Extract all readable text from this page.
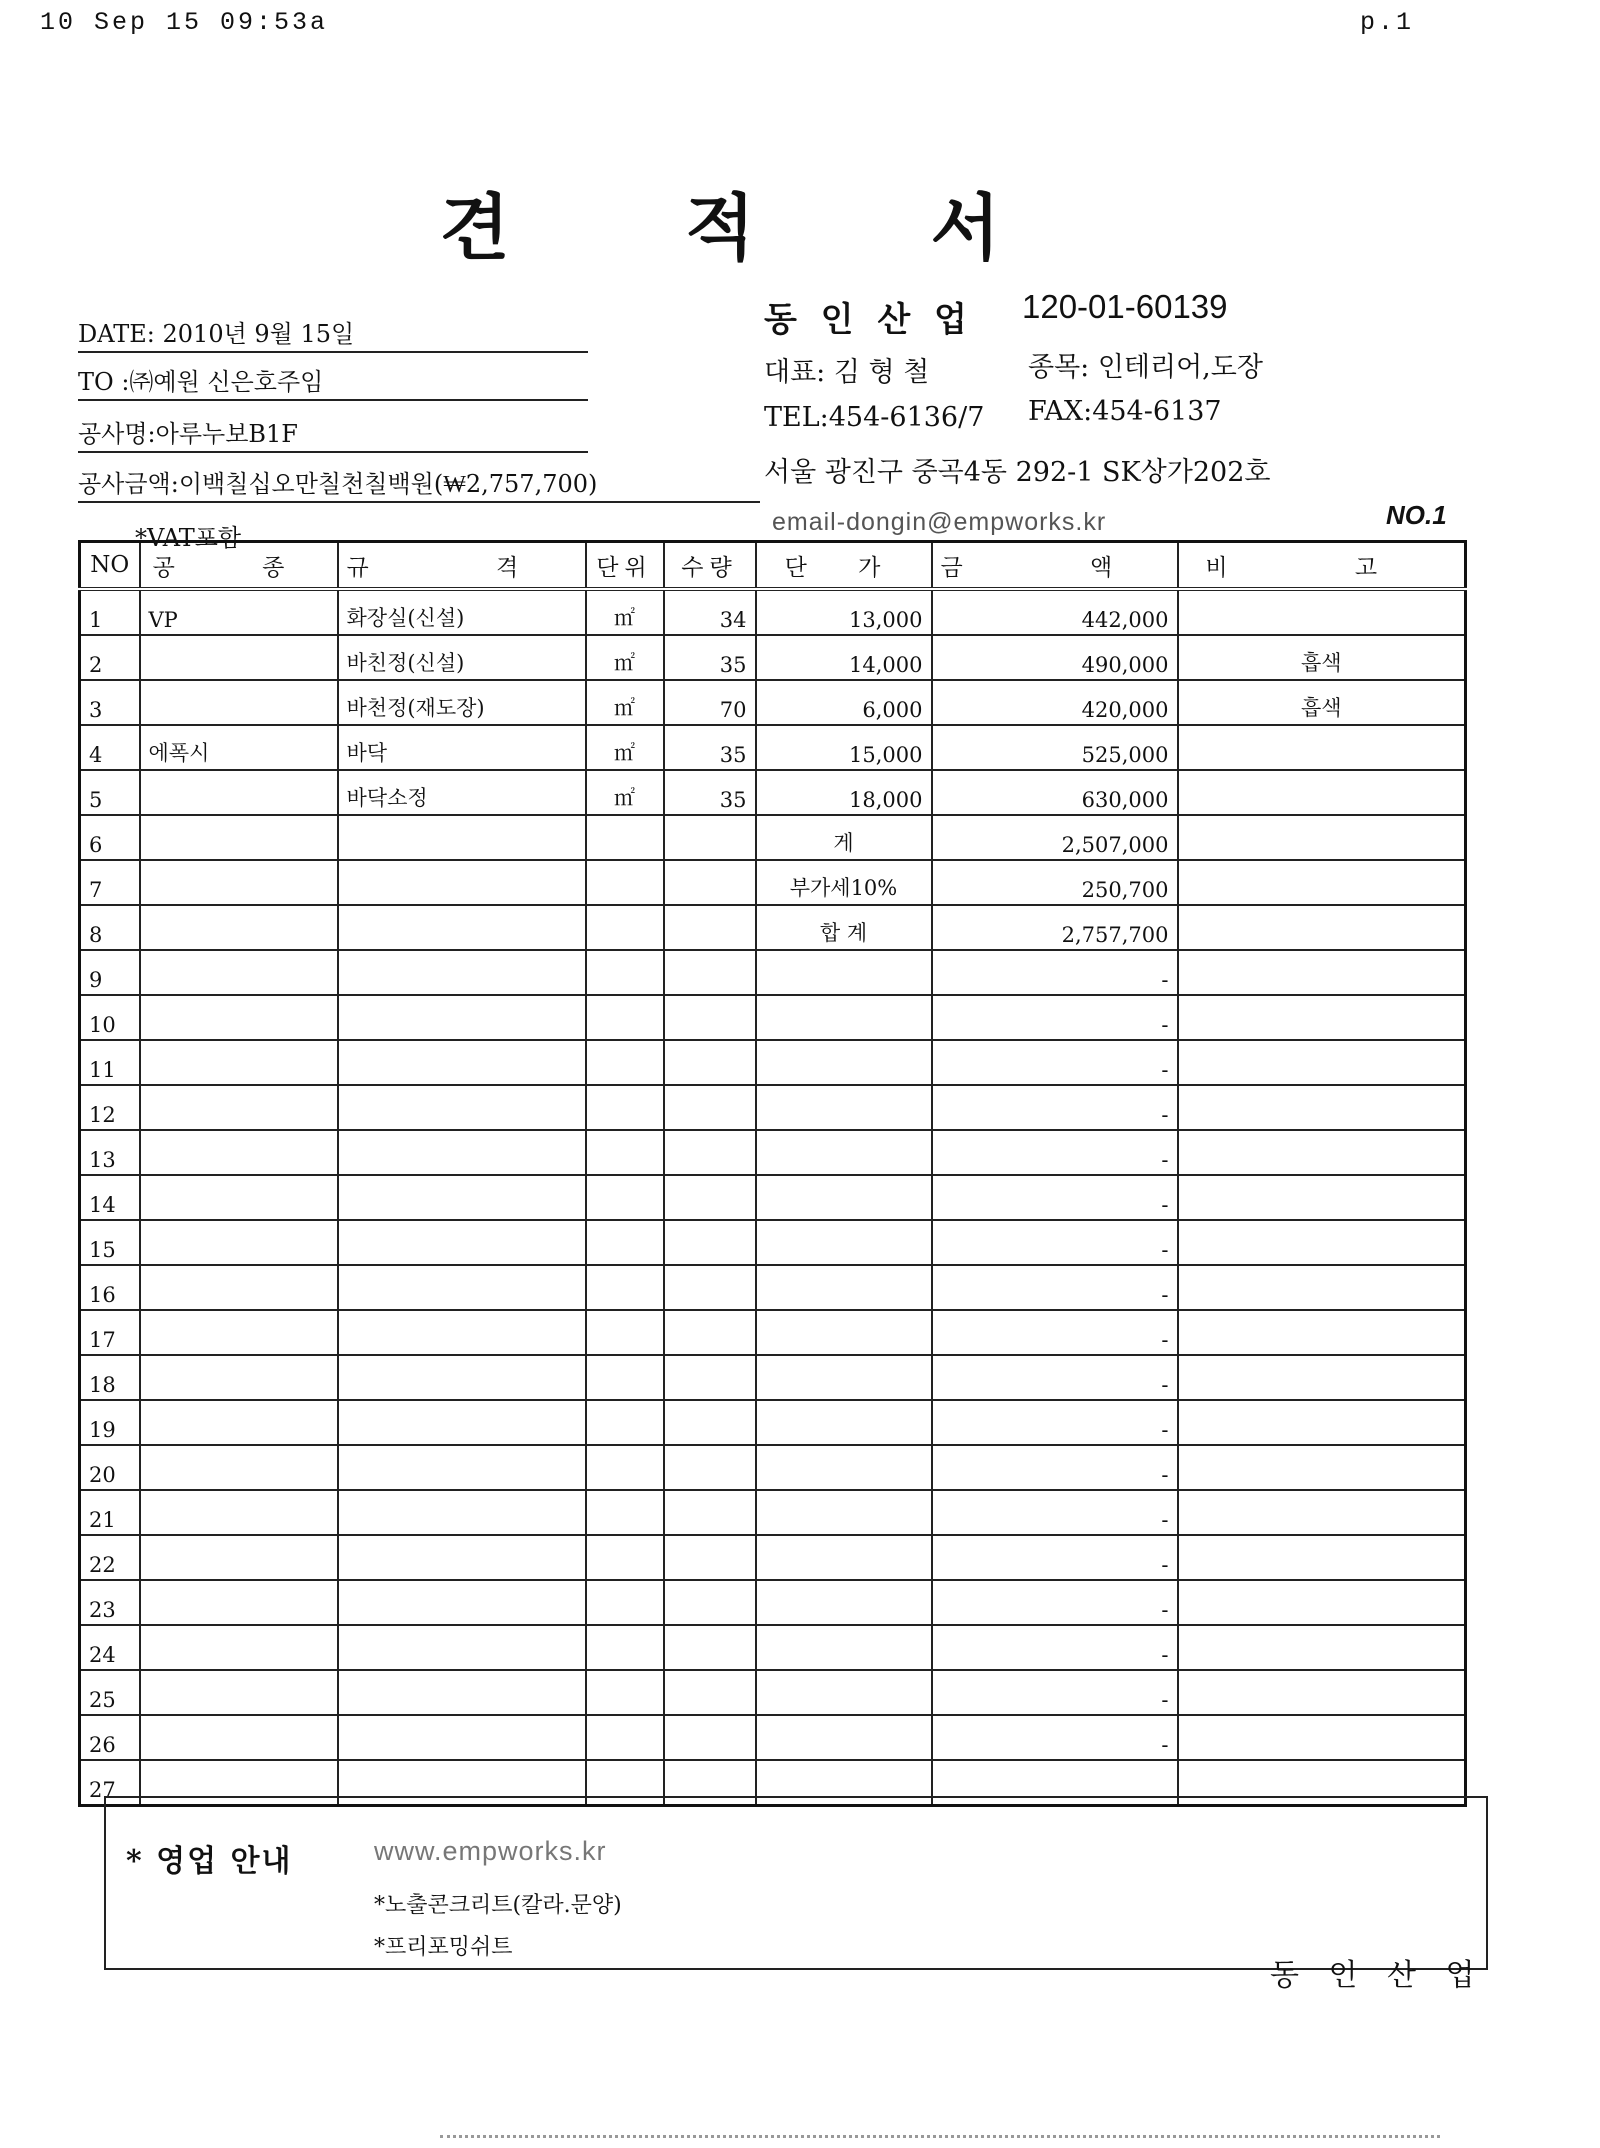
10 Sep 15 09:53a	p.1
견 적 서
DATE: 2010년 9월 15일
TO :㈜예원 신은호주임
공사명:아루누보B1F
공사금액:이백칠십오만칠천칠백원(₩2,757,700)
*VAT포함
동 인 산 업 120-01-60139
대표: 김 형 철	종목: 인테리어,도장
TEL:454-6136/7 FAX:454-6137
서울 광진구 중곡4동 292-1 SK상가202호
email-dongin@empworks.kr	NO.1
NO	공 종	규 격	단위	수량	단 가	금 액	비 고
1	VP	화장실(신설)	㎡	34	13,000	442,000	
2		바친정(신설)	㎡	35	14,000	490,000	흡색
3		바천정(재도장)	㎡	70	6,000	420,000	흡색
4	에폭시	바닥	㎡	35	15,000	525,000	
5		바닥소정	㎡	35	18,000	630,000	
6					게	2,507,000	
7					부가세10%	250,700	
8					합 계	2,757,700	
9						-	
10						-	
11						-	
12						-	
13						-	
14						-	
15						-	
16						-	
17						-	
18						-	
19						-	
20						-	
21						-	
22						-	
23						-	
24						-	
25						-	
26						-	
27							
* 영업 안내	www.empworks.kr
*노출콘크리트(칼라.문양)
*프리포밍쉬트
동 인 산 업
